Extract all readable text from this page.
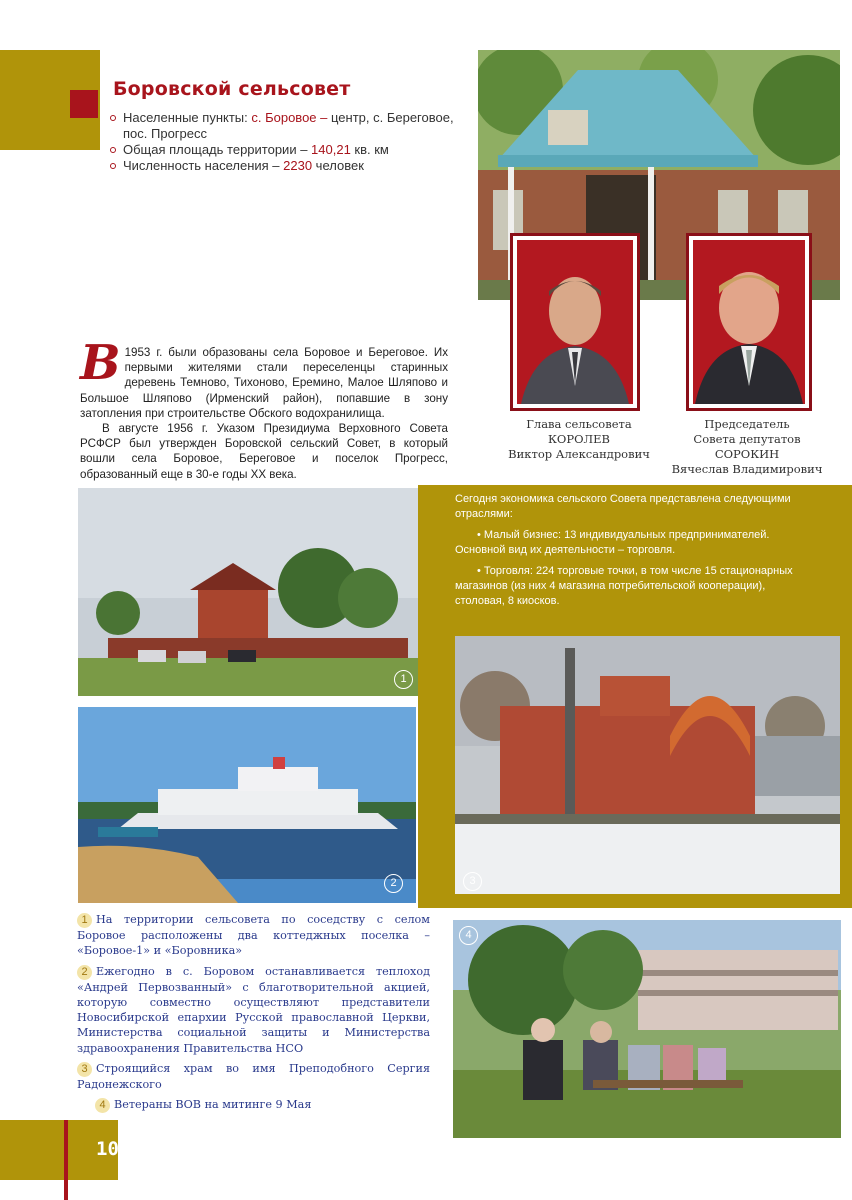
10
Боровской сельсовет
Населенные пункты: с. Боровое – центр, с. Береговое, пос. Прогресс
Общая площадь территории – 140,21 кв. км
Численность населения – 2230 человек
Глава сельсовета
КОРОЛЕВ
Виктор Александрович
Председатель
Совета депутатов
СОРОКИН
Вячеслав Владимирович

В 1953 г. были образованы села Боровое и Береговое. Их первыми жителями стали переселенцы старинных деревень Темново, Тихоново, Еремино, Малое Шляпово и Большое Шляпово (Ирменский район), попавшие в зону затопления при строительстве Обского водохранилища.

В августе 1956 г. Указом Президиума Верховного Совета РСФСР был утвержден Боровской сельский Совет, в который вошли села Боровое, Береговое и поселок Прогресс, образованный еще в 30-е годы XX века.

Сегодня экономика сельского Совета представлена следующими отраслями:

• Малый бизнес: 13 индивидуальных предпринимателей. Основной вид их деятельности – торговля.

• Торговля: 224 торговые точки, в том числе 15 стационарных магазинов (из них 4 магазина потребительской кооперации), столовая, 8 киосков.

1
2	3
4
1 На территории сельсовета по соседству с селом Боровое расположены два коттеджных поселка – «Боровое-1» и «Боровника»
2 Ежегодно в с. Боровом останавливается теплоход «Андрей Первозванный» с благотворительной акцией, которую совместно осуществляют представители Новосибирской епархии Русской православной Церкви, Министерства социальной защиты и Министерства здравоохранения Правительства НСО
3 Строящийся храм во имя Преподобного Сергия Радонежского
4 Ветераны ВОВ на митинге 9 Мая
